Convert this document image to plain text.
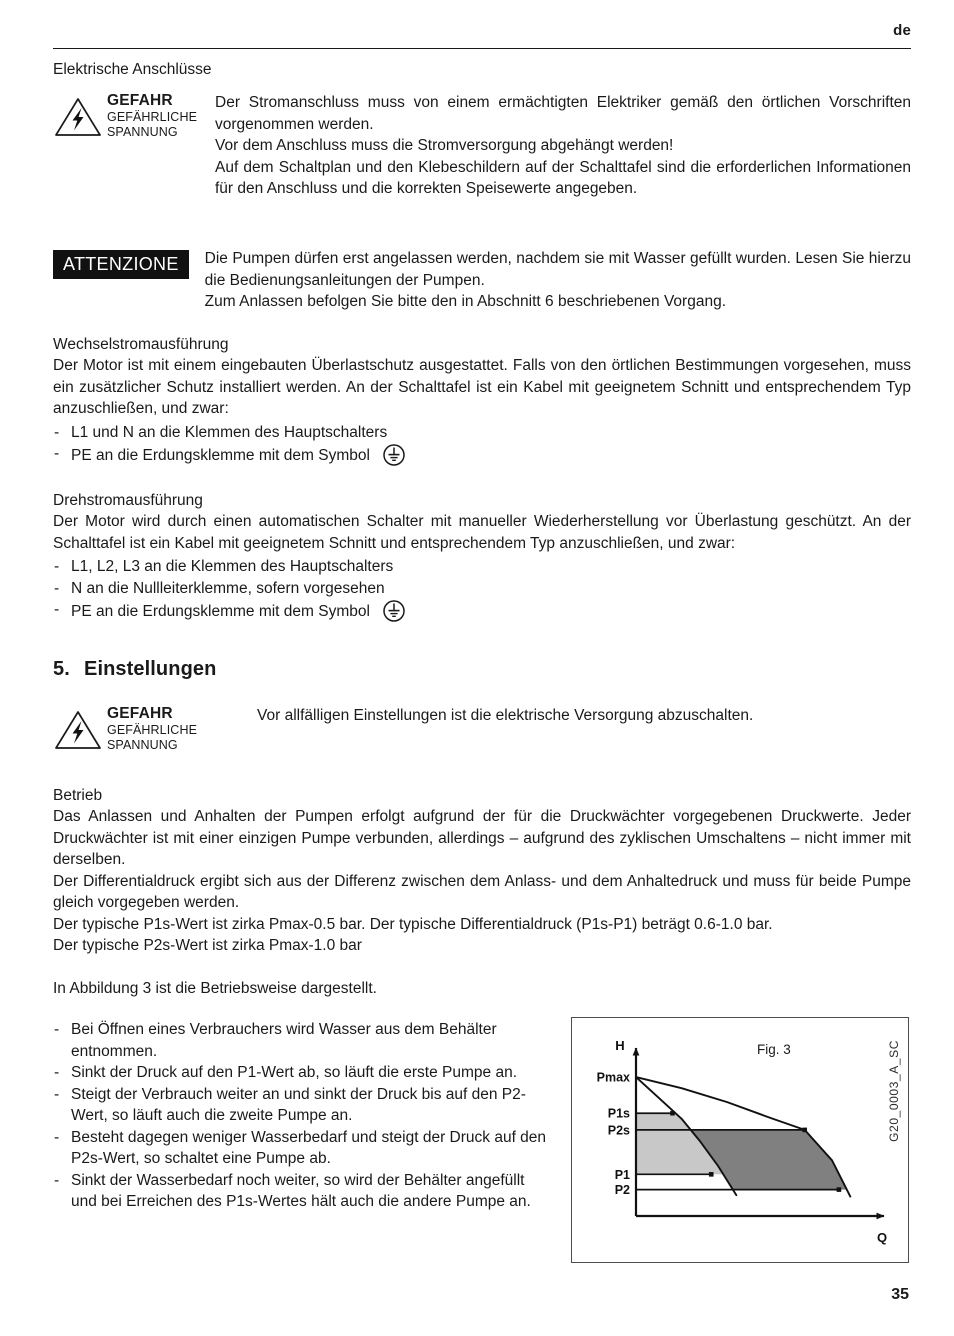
de
Elektrische Anschlüsse
GEFAHR
GEFÄHRLICHE
SPANNUNG
Der Stromanschluss muss von einem ermächtigten Elektriker gemäß den örtlichen Vorschriften vorgenommen werden.
Vor dem Anschluss muss die Stromversorgung abgehängt werden!
Auf dem Schaltplan und den Klebeschildern auf der Schalttafel sind die erforderlichen Informationen für den Anschluss und die korrekten Speisewerte angegeben.
ATTENZIONE	Die Pumpen dürfen erst angelassen werden, nachdem sie mit Wasser gefüllt wurden. Lesen Sie hierzu die Bedienungsanleitungen der Pumpen.
Zum Anlassen befolgen Sie bitte den in Abschnitt 6 beschriebenen Vorgang.
Wechselstromausführung
Der Motor ist mit einem eingebauten Überlastschutz ausgestattet. Falls von den örtlichen Bestimmungen vorgesehen, muss ein zusätzlicher Schutz installiert werden. An der Schalttafel ist ein Kabel mit geeignetem Schnitt und entsprechendem Typ anzuschließen, und zwar:
- L1 und N an die Klemmen des Hauptschalters
- PE an die Erdungsklemme mit dem Symbol
Drehstromausführung
Der Motor wird durch einen automatischen Schalter mit manueller Wiederherstellung vor Überlastung geschützt. An der Schalttafel ist ein Kabel mit geeignetem Schnitt und entsprechendem Typ anzuschließen, und zwar:
- L1, L2, L3 an die Klemmen des Hauptschalters
- N an die Nullleiterklemme, sofern vorgesehen
- PE an die Erdungsklemme mit dem Symbol
5. Einstellungen
GEFAHR
GEFÄHRLICHE
SPANNUNG
Vor allfälligen Einstellungen ist die elektrische Versorgung abzuschalten.
Betrieb
Das Anlassen und Anhalten der Pumpen erfolgt aufgrund der für die Druckwächter vorgegebenen Druckwerte. Jeder Druckwächter ist mit einer einzigen Pumpe verbunden, allerdings – aufgrund des zyklischen Umschaltens – nicht immer mit derselben.
Der Differentialdruck ergibt sich aus der Differenz zwischen dem Anlass- und dem Anhaltedruck und muss für beide Pumpe gleich vorgegeben werden.
Der typische P1s-Wert ist zirka Pmax-0.5 bar. Der typische Differentialdruck (P1s-P1) beträgt 0.6-1.0 bar.
Der typische P2s-Wert ist zirka Pmax-1.0 bar
In Abbildung 3 ist die Betriebsweise dargestellt.
- Bei Öffnen eines Verbrauchers wird Wasser aus dem Behälter entnommen.
- Sinkt der Druck auf den P1-Wert ab, so läuft die erste Pumpe an.
- Steigt der Verbrauch weiter an und sinkt der Druck bis auf den P2-Wert, so läuft auch die zweite Pumpe an.
- Besteht dagegen weniger Wasserbedarf und steigt der Druck auf den P2s-Wert, so schaltet eine Pumpe ab.
- Sinkt der Wasserbedarf noch weiter, so wird der Behälter angefüllt und bei Erreichen des P1s-Wertes hält auch die andere Pumpe an.
Fig. 3	G20_0003_A_SC
H
Q
Pmax
P1s
P2s
P1
P2
35
